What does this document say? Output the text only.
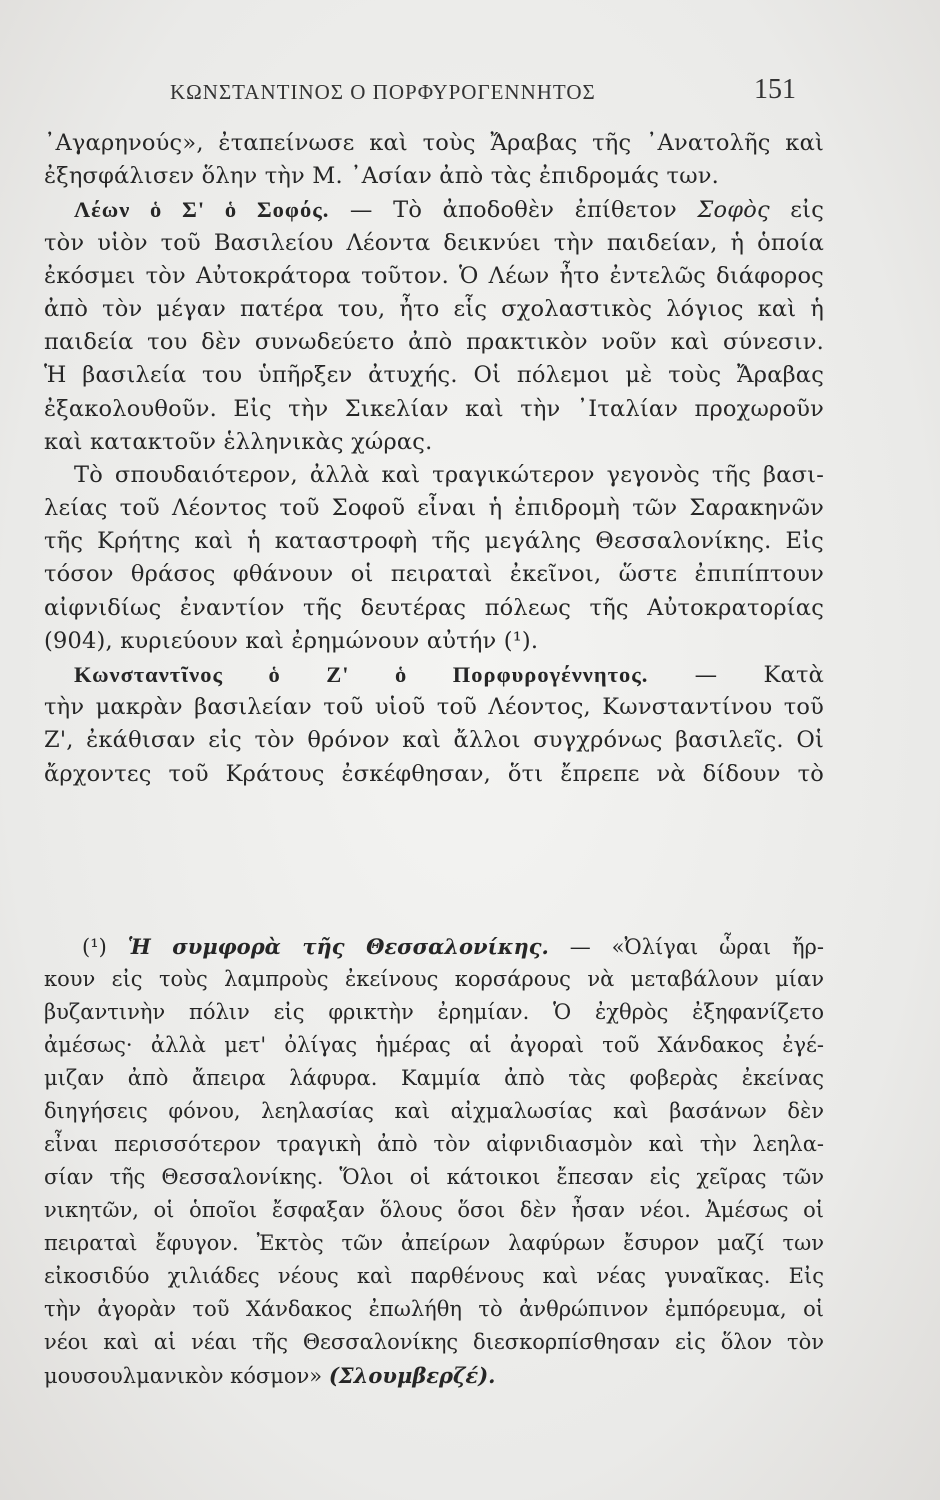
ΚΩΝΣΤΑΝΤΙΝΟΣ Ο ΠΟΡΦΥΡΟΓΕΝΝΗΤΟΣ	151
᾿Αγαρηνούς», ἐταπείνωσε καὶ τοὺς Ἄραβας τῆς ᾿Ανατολῆς καὶ
ἐξησφάλισεν ὅλην τὴν Μ. ᾿Ασίαν ἀπὸ τὰς ἐπιδρομάς των.
Λέων ὁ Σ' ὁ Σοφός. — Τὸ ἀποδοθὲν ἐπίθετον Σοφὸς εἰς
τὸν υἱὸν τοῦ Βασιλείου Λέοντα δεικνύει τὴν παιδείαν, ἡ ὁποία
ἐκόσμει τὸν Αὐτοκράτορα τοῦτον. Ὁ Λέων ἦτο ἐντελῶς διάφορος
ἀπὸ τὸν μέγαν πατέρα του, ἦτο εἷς σχολαστικὸς λόγιος καὶ ἡ
παιδεία του δὲν συνωδεύετο ἀπὸ πρακτικὸν νοῦν καὶ σύνεσιν.
Ἡ βασιλεία του ὑπῆρξεν ἀτυχής. Οἱ πόλεμοι μὲ τοὺς Ἄραβας
ἐξακολουθοῦν. Εἰς τὴν Σικελίαν καὶ τὴν ᾿Ιταλίαν προχωροῦν
καὶ κατακτοῦν ἑλληνικὰς χώρας.
Τὸ σπουδαιότερον, ἀλλὰ καὶ τραγικώτερον γεγονὸς τῆς βασι-
λείας τοῦ Λέοντος τοῦ Σοφοῦ εἶναι ἡ ἐπιδρομὴ τῶν Σαρακηνῶν
τῆς Κρήτης καὶ ἡ καταστροφὴ τῆς μεγάλης Θεσσαλονίκης. Εἰς
τόσον θράσος φθάνουν οἱ πειραταὶ ἐκεῖνοι, ὥστε ἐπιπίπτουν
αἰφνιδίως ἐναντίον τῆς δευτέρας πόλεως τῆς Αὐτοκρατορίας
(904), κυριεύουν καὶ ἐρημώνουν αὐτήν (¹).
Κωνσταντῖνος ὁ Ζ' ὁ Πορφυρογέννητος. — Κατὰ
τὴν μακρὰν βασιλείαν τοῦ υἱοῦ τοῦ Λέοντος, Κωνσταντίνου τοῦ
Ζ', ἐκάθισαν εἰς τὸν θρόνον καὶ ἄλλοι συγχρόνως βασιλεῖς. Οἱ
ἄρχοντες τοῦ Κράτους ἐσκέφθησαν, ὅτι ἔπρεπε νὰ δίδουν τὸ
(¹) Ἡ συμφορὰ τῆς Θεσσαλονίκης. — «Ὀλίγαι ὧραι ἤρ-
κουν εἰς τοὺς λαμπροὺς ἐκείνους κορσάρους νὰ μεταβάλουν μίαν
βυζαντινὴν πόλιν εἰς φρικτὴν ἐρημίαν. Ὁ ἐχθρὸς ἐξηφανίζετο
ἀμέσως· ἀλλὰ μετ' ὀλίγας ἡμέρας αἱ ἀγοραὶ τοῦ Χάνδακος ἐγέ-
μιζαν ἀπὸ ἄπειρα λάφυρα. Καμμία ἀπὸ τὰς φοβερὰς ἐκείνας
διηγήσεις φόνου, λεηλασίας καὶ αἰχμαλωσίας καὶ βασάνων δὲν
εἶναι περισσότερον τραγικὴ ἀπὸ τὸν αἰφνιδιασμὸν καὶ τὴν λεηλα-
σίαν τῆς Θεσσαλονίκης. Ὅλοι οἱ κάτοικοι ἔπεσαν εἰς χεῖρας τῶν
νικητῶν, οἱ ὁποῖοι ἔσφαξαν ὅλους ὅσοι δὲν ἦσαν νέοι. Ἀμέσως οἱ
πειραταὶ ἔφυγον. Ἐκτὸς τῶν ἀπείρων λαφύρων ἔσυρον μαζί των
εἰκοσιδύο χιλιάδες νέους καὶ παρθένους καὶ νέας γυναῖκας. Εἰς
τὴν ἀγορὰν τοῦ Χάνδακος ἐπωλήθη τὸ ἀνθρώπινον ἐμπόρευμα, οἱ
νέοι καὶ αἱ νέαι τῆς Θεσσαλονίκης διεσκορπίσθησαν εἰς ὅλον τὸν
μουσουλμανικὸν κόσμον» (Σλουμβερζέ).
